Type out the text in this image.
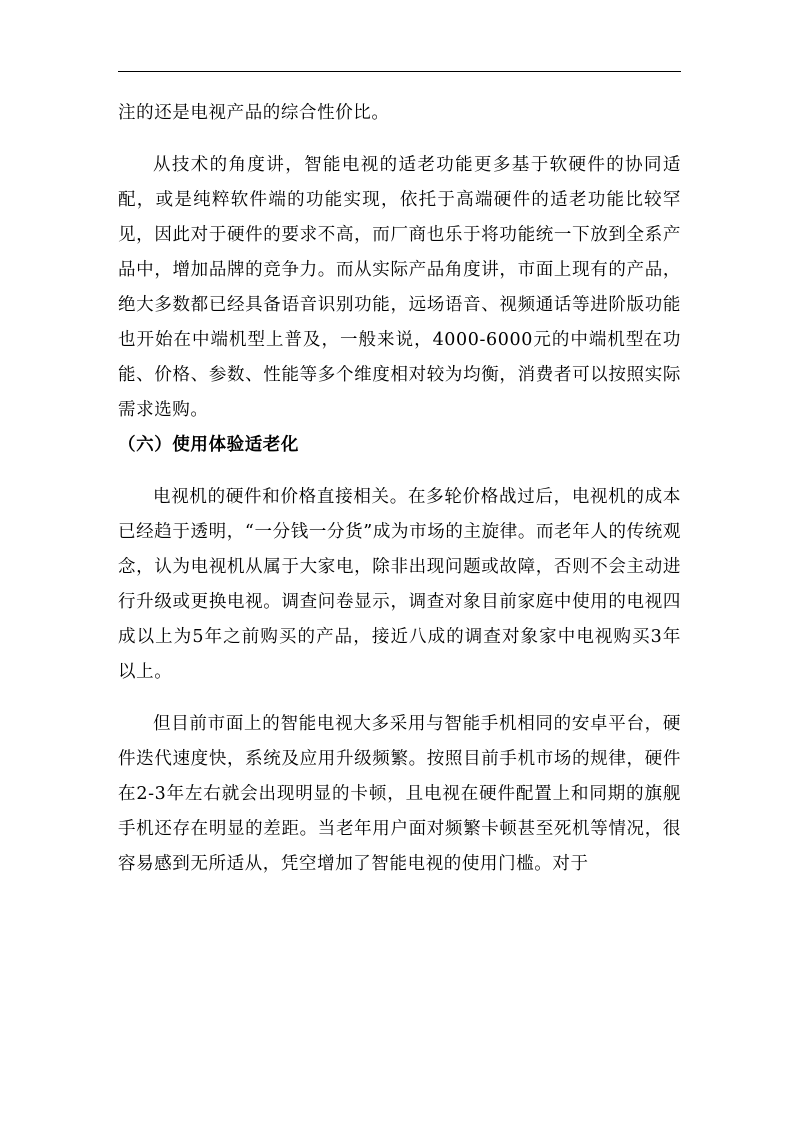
注的还是电视产品的综合性价比。

从技术的角度讲，智能电视的适老功能更多基于软硬件的协同适配，或是纯粹软件端的功能实现，依托于高端硬件的适老功能比较罕见，因此对于硬件的要求不高，而厂商也乐于将功能统一下放到全系产品中，增加品牌的竞争力。而从实际产品角度讲，市面上现有的产品，绝大多数都已经具备语音识别功能，远场语音、视频通话等进阶版功能也开始在中端机型上普及，一般来说，4000-6000元的中端机型在功能、价格、参数、性能等多个维度相对较为均衡，消费者可以按照实际需求选购。

（六）使用体验适老化

电视机的硬件和价格直接相关。在多轮价格战过后，电视机的成本已经趋于透明，“一分钱一分货”成为市场的主旋律。而老年人的传统观念，认为电视机从属于大家电，除非出现问题或故障，否则不会主动进行升级或更换电视。调查问卷显示，调查对象目前家庭中使用的电视四成以上为5年之前购买的产品，接近八成的调查对象家中电视购买3年以上。

但目前市面上的智能电视大多采用与智能手机相同的安卓平台，硬件迭代速度快，系统及应用升级频繁。按照目前手机市场的规律，硬件在2-3年左右就会出现明显的卡顿，且电视在硬件配置上和同期的旗舰手机还存在明显的差距。当老年用户面对频繁卡顿甚至死机等情况，很容易感到无所适从，凭空增加了智能电视的使用门槛。对于
